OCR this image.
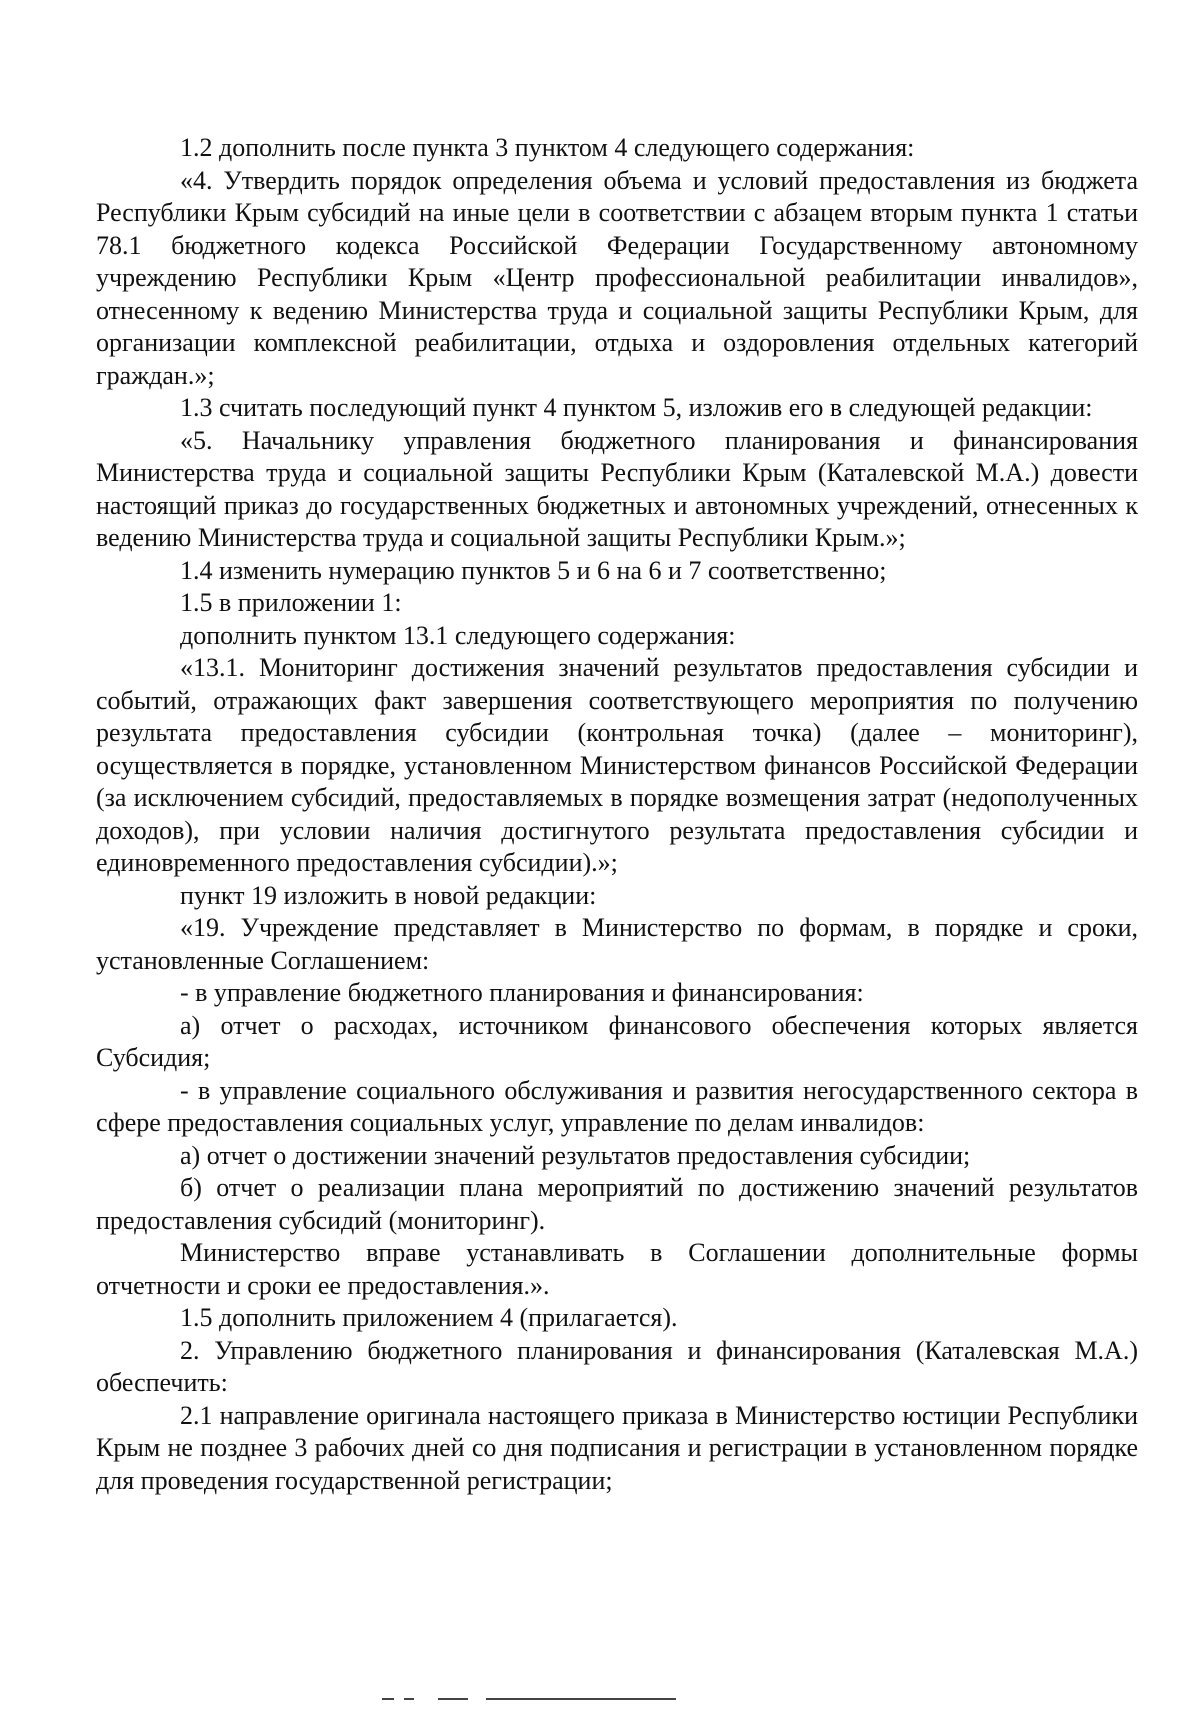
1.2 дополнить после пункта 3 пунктом 4 следующего содержания:

«4. Утвердить порядок определения объема и условий предоставления из бюджета Республики Крым субсидий на иные цели в соответствии с абзацем вторым пункта 1 статьи 78.1 бюджетного кодекса Российской Федерации Государственному автономному учреждению Республики Крым «Центр профессиональной реабилитации инвалидов», отнесенному к ведению Министерства труда и социальной защиты Республики Крым, для организации комплексной реабилитации, отдыха и оздоровления отдельных категорий граждан.»;

1.3 считать последующий пункт 4 пунктом 5, изложив его в следующей редакции:

«5. Начальнику управления бюджетного планирования и финансирования Министерства труда и социальной защиты Республики Крым (Каталевской М.А.) довести настоящий приказ до государственных бюджетных и автономных учреждений, отнесенных к ведению Министерства труда и социальной защиты Республики Крым.»;

1.4 изменить нумерацию пунктов 5 и 6 на 6 и 7 соответственно;

1.5 в приложении 1:

дополнить пунктом 13.1 следующего содержания:

«13.1. Мониторинг достижения значений результатов предоставления субсидии и событий, отражающих факт завершения соответствующего мероприятия по получению результата предоставления субсидии (контрольная точка) (далее – мониторинг), осуществляется в порядке, установленном Министерством финансов Российской Федерации (за исключением субсидий, предоставляемых в порядке возмещения затрат (недополученных доходов), при условии наличия достигнутого результата предоставления субсидии и единовременного предоставления субсидии).»;

пункт 19 изложить в новой редакции:

«19. Учреждение представляет в Министерство по формам, в порядке и сроки, установленные Соглашением:

- в управление бюджетного планирования и финансирования:

а) отчет о расходах, источником финансового обеспечения которых является Субсидия;

- в управление социального обслуживания и развития негосударственного сектора в сфере предоставления социальных услуг, управление по делам инвалидов:

а) отчет о достижении значений результатов предоставления субсидии;

б) отчет о реализации плана мероприятий по достижению значений результатов предоставления субсидий (мониторинг).

Министерство вправе устанавливать в Соглашении дополнительные формы отчетности и сроки ее предоставления.».

1.5 дополнить приложением 4 (прилагается).

2. Управлению бюджетного планирования и финансирования (Каталевская М.А.) обеспечить:

2.1 направление оригинала настоящего приказа в Министерство юстиции Республики Крым не позднее 3 рабочих дней со дня подписания и регистрации в установленном порядке для проведения государственной регистрации;
